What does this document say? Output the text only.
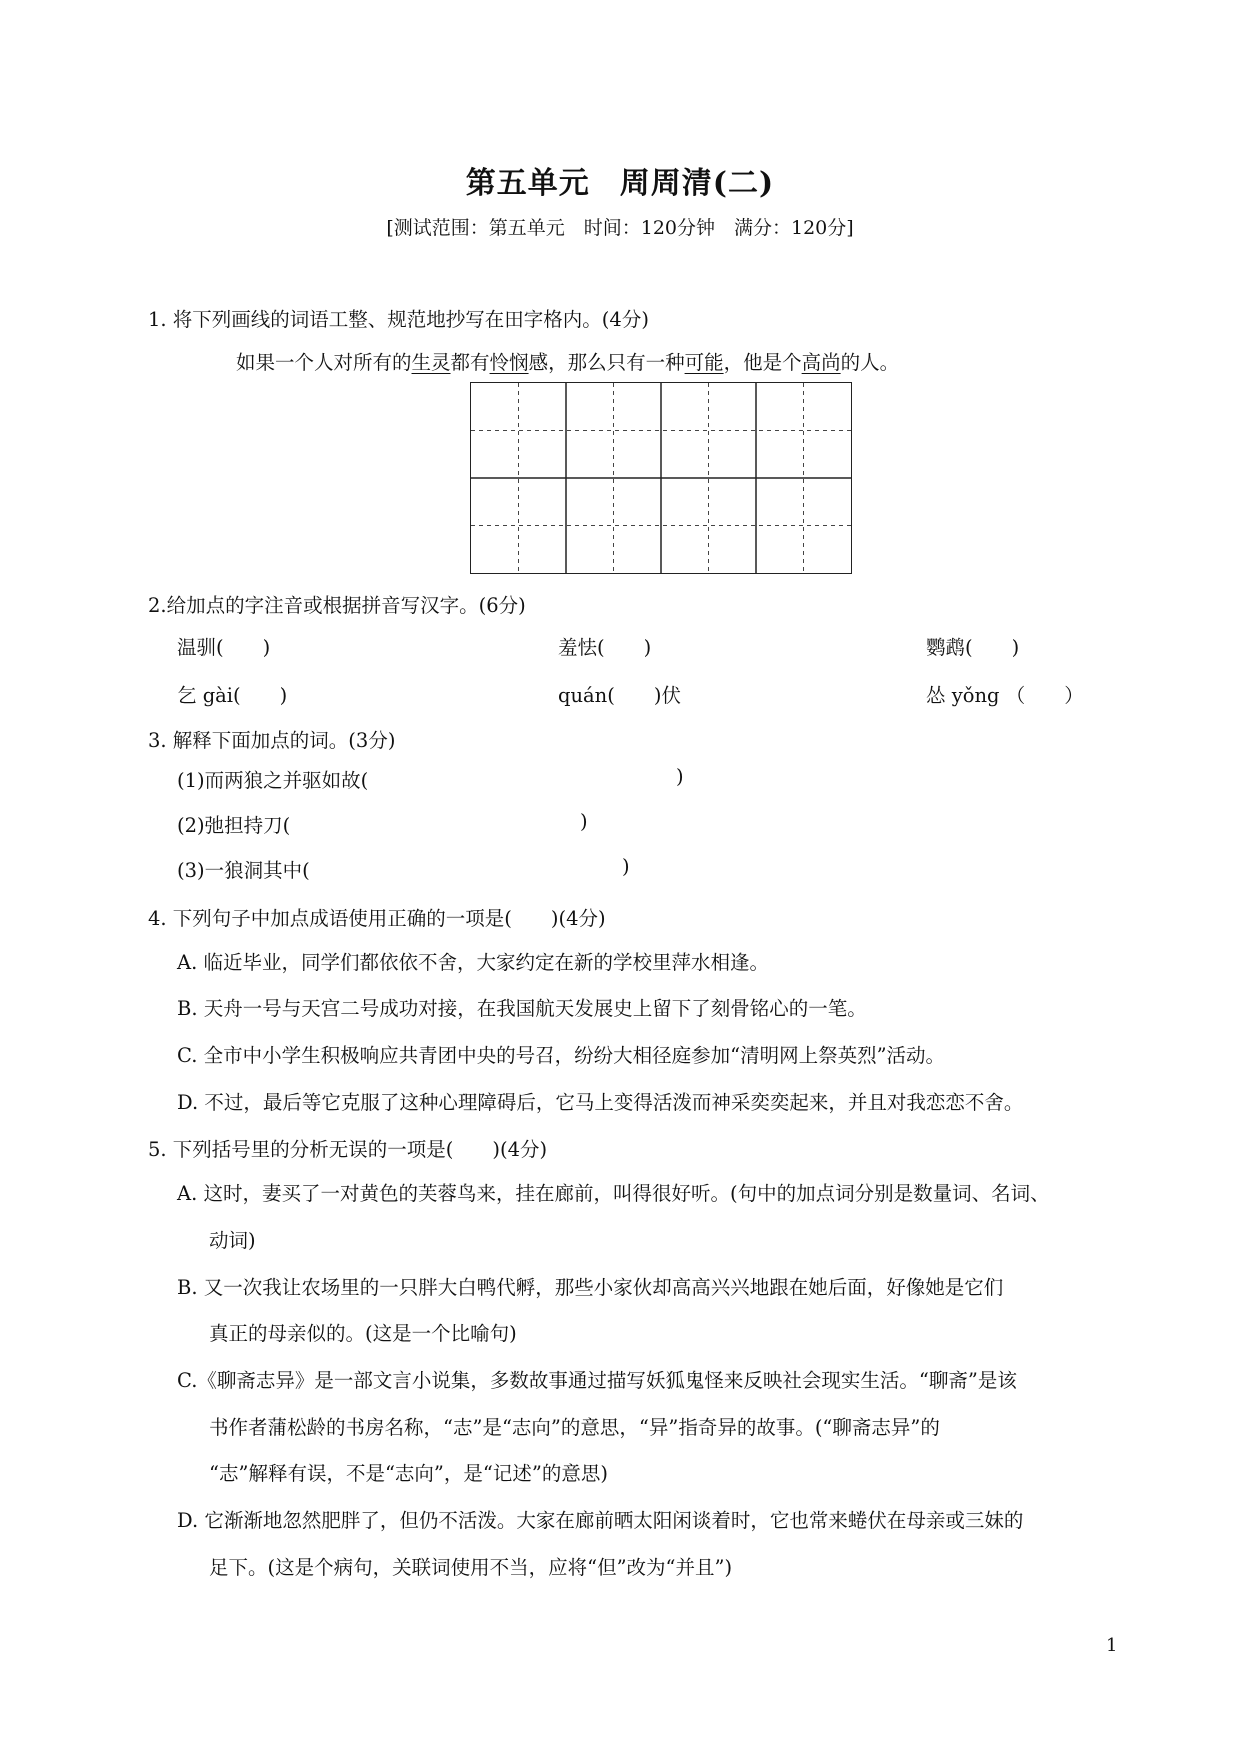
第五单元 周周清(二)
[测试范围：第五单元　时间：120分钟　满分：120分]
1. 将下列画线的词语工整、规范地抄写在田字格内。(4分)
如果一个人对所有的生灵都有怜悯感，那么只有一种可能，他是个高尚的人。
2.给加点的字注音或根据拼音写汉字。(6分)
温驯(　　)	羞怯(　　)	鹦鹉(　　)
乞 gài(　　)	quán(　　)伏	怂 yǒng （　　）
3. 解释下面加点的词。(3分)
(1)而两狼之并驱如故(	)
(2)弛担持刀(	)
(3)一狼洞其中(	)
4. 下列句子中加点成语使用正确的一项是(　　)(4分)
A. 临近毕业，同学们都依依不舍，大家约定在新的学校里萍水相逢。
B. 天舟一号与天宫二号成功对接，在我国航天发展史上留下了刻骨铭心的一笔。
C. 全市中小学生积极响应共青团中央的号召，纷纷大相径庭参加“清明网上祭英烈”活动。
D. 不过，最后等它克服了这种心理障碍后，它马上变得活泼而神采奕奕起来，并且对我恋恋不舍。
5. 下列括号里的分析无误的一项是(　　)(4分)
A. 这时，妻买了一对黄色的芙蓉鸟来，挂在廊前，叫得很好听。(句中的加点词分别是数量词、名词、
动词)
B. 又一次我让农场里的一只胖大白鸭代孵，那些小家伙却高高兴兴地跟在她后面，好像她是它们
真正的母亲似的。(这是一个比喻句)
C.《聊斋志异》是一部文言小说集，多数故事通过描写妖狐鬼怪来反映社会现实生活。“聊斋”是该
书作者蒲松龄的书房名称，“志”是“志向”的意思，“异”指奇异的故事。(“聊斋志异”的
“志”解释有误，不是“志向”，是“记述”的意思)
D. 它渐渐地忽然肥胖了，但仍不活泼。大家在廊前晒太阳闲谈着时，它也常来蜷伏在母亲或三妹的
足下。(这是个病句，关联词使用不当，应将“但”改为“并且”)
1
